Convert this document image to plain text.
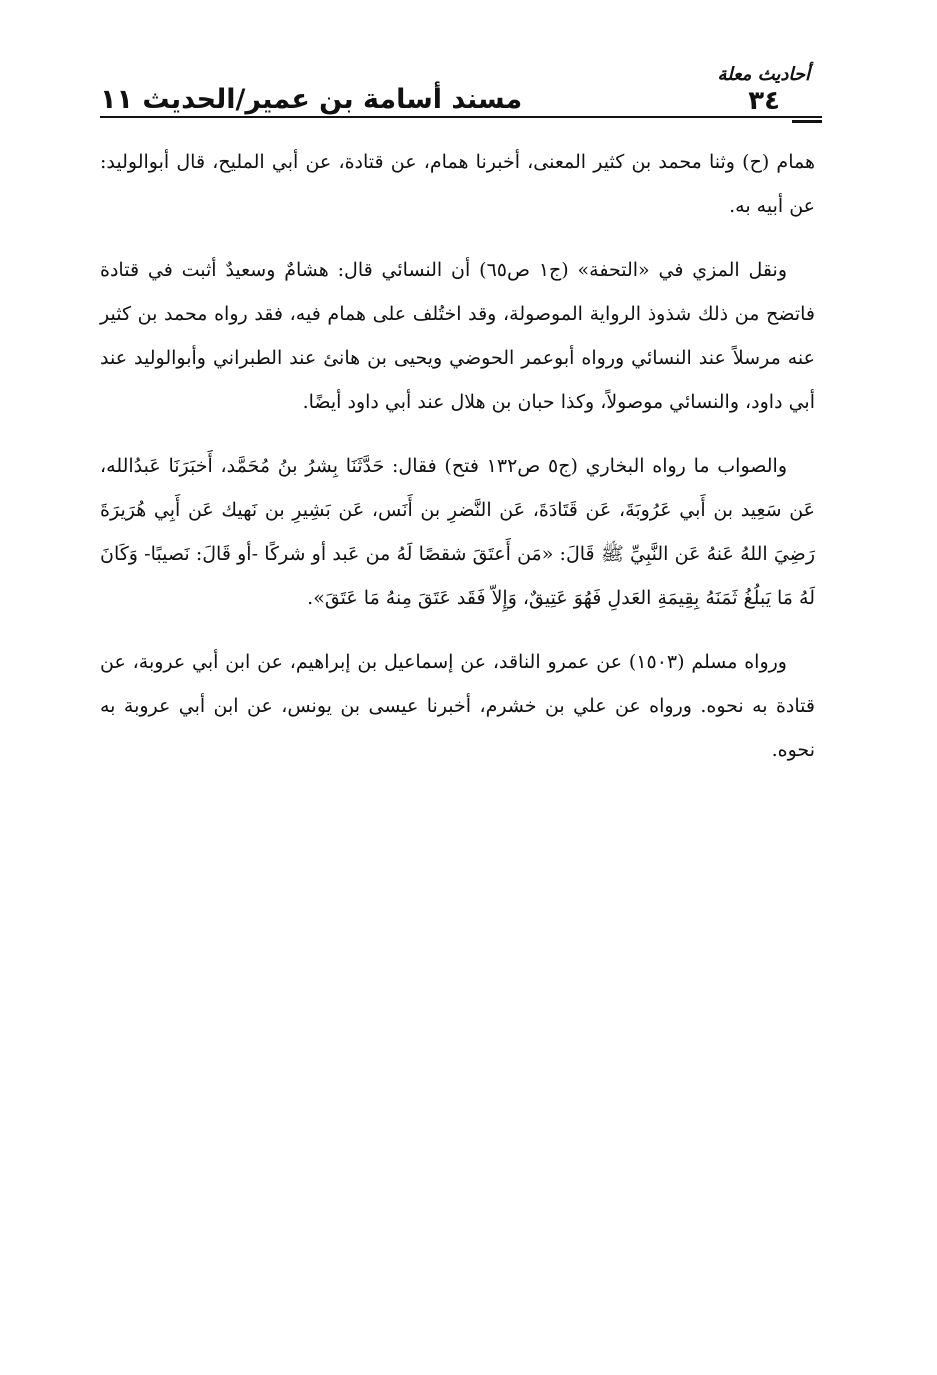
مسند أسامة بن عمير/الحديث ١١
أحاديث معلة
٣٤

همام (ح) وثنا محمد بن كثير المعنى، أخبرنا همام، عن قتادة، عن أبي المليح، قال أبوالوليد: عن أبيه به.

ونقل المزي في «التحفة» (ج١ ص٦٥) أن النسائي قال: هشامٌ وسعيدٌ أثبت في قتادة فاتضح من ذلك شذوذ الرواية الموصولة، وقد اختُلف على همام فيه، فقد رواه محمد بن كثير عنه مرسلاً عند النسائي ورواه أبوعمر الحوضي ويحيى بن هانئ عند الطبراني وأبوالوليد عند أبي داود، والنسائي موصولاً، وكذا حبان بن هلال عند أبي داود أيضًا.

والصواب ما رواه البخاري (ج٥ ص١٣٢ فتح) فقال: حَدَّثَنَا بِشرُ بنُ مُحَمَّد، أَخبَرَنَا عَبدُالله، عَن سَعِيد بن أَبي عَرُوبَةَ، عَن قَتَادَةَ، عَن النَّضرِ بن أَنَس، عَن بَشِيرِ بن نَهيك عَن أَبِي هُرَيرَةَ رَضِيَ اللهُ عَنهُ عَن النَّبِيِّ ﷺ قَالَ: «مَن أَعتَقَ شقصًا لَهُ من عَبد أو شركًا -أو قَالَ: نَصيبًا- وَكَانَ لَهُ مَا يَبلُغُ ثَمَنَهُ بِقِيمَةِ العَدلِ فَهُوَ عَتِيقٌ، وَإِلاّ فَقَد عَتَقَ مِنهُ مَا عَتَقَ».

ورواه مسلم (١٥٠٣) عن عمرو الناقد، عن إسماعيل بن إبراهيم، عن ابن أبي عروبة، عن قتادة به نحوه. ورواه عن علي بن خشرم، أخبرنا عيسى بن يونس، عن ابن أبي عروبة به نحوه.
